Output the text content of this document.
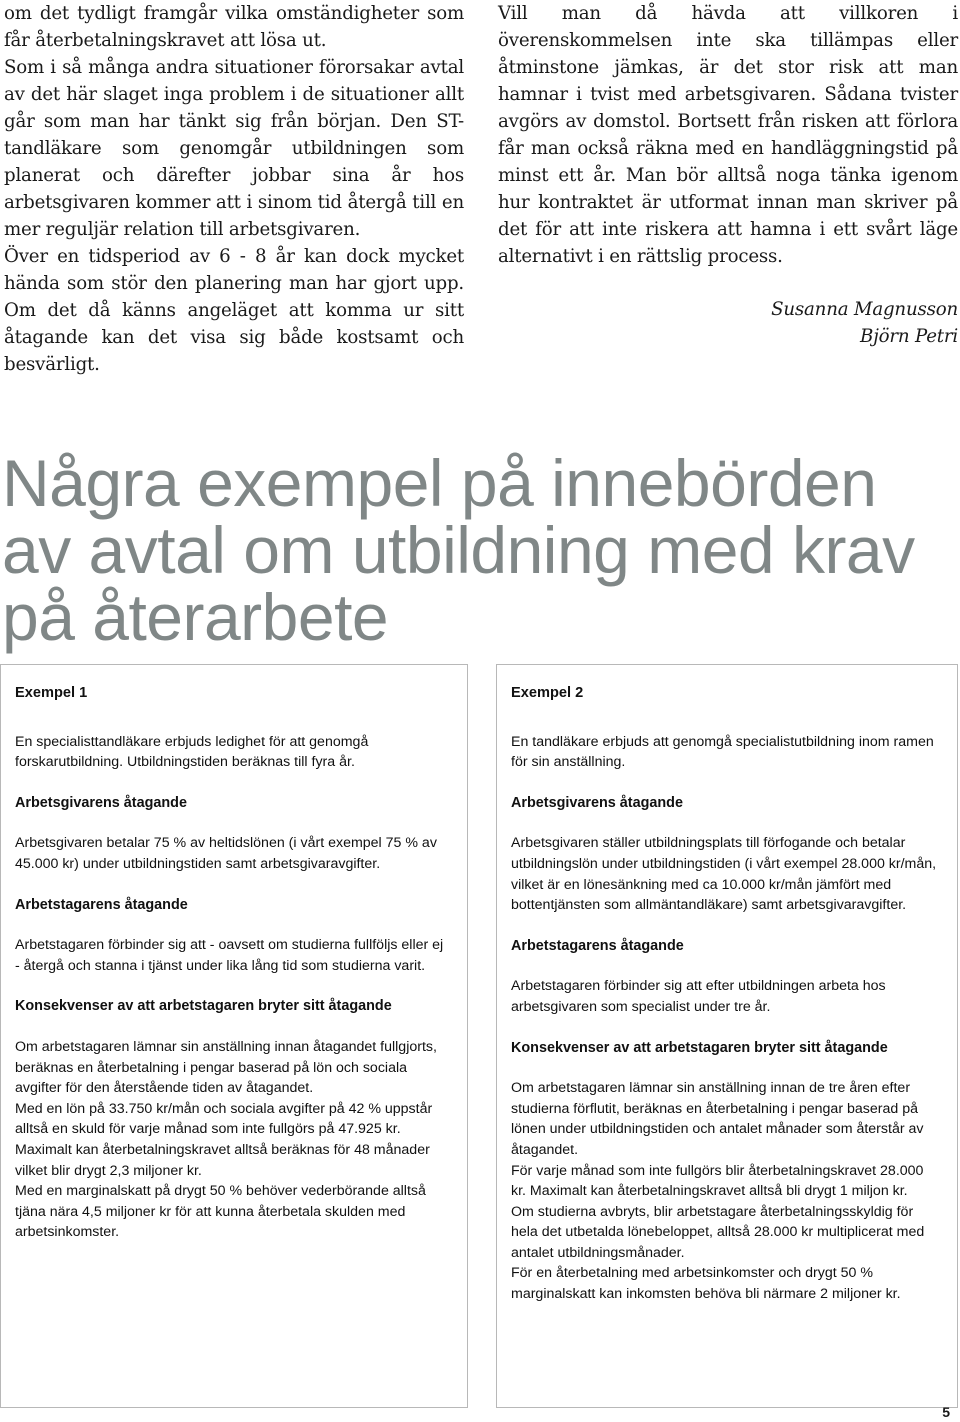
om det tydligt framgår vilka omständigheter som får återbetalningskravet att lösa ut.

Som i så många andra situationer förorsakar avtal av det här slaget inga problem i de situationer allt går som man har tänkt sig från början. Den ST-tandläkare som genomgår utbildningen som planerat och därefter jobbar sina år hos arbetsgivaren kommer att i sinom tid återgå till en mer reguljär relation till arbetsgivaren.

Över en tidsperiod av 6 - 8 år kan dock mycket hända som stör den planering man har gjort upp. Om det då känns angeläget att komma ur sitt åtagande kan det visa sig både kostsamt och besvärligt.

Vill man då hävda att villkoren i överenskommelsen inte ska tillämpas eller åtminstone jämkas, är det stor risk att man hamnar i tvist med arbetsgivaren. Sådana tvister avgörs av domstol. Bortsett från risken att förlora får man också räkna med en handläggningstid på minst ett år. Man bör alltså noga tänka igenom hur kontraktet är utformat innan man skriver på det för att inte riskera att hamna i ett svårt läge alternativt i en rättslig process.

Susanna Magnusson

Björn Petri

Några exempel på innebörden av avtal om utbildning med krav på återarbete

Exempel 1

En specialisttandläkare erbjuds ledighet för att genomgå forskarutbildning. Utbildningstiden beräknas till fyra år.

Arbetsgivarens åtagande

Arbetsgivaren betalar 75 % av heltidslönen (i vårt exempel 75 % av 45.000 kr) under utbildningstiden samt arbetsgivaravgifter.

Arbetstagarens åtagande

Arbetstagaren förbinder sig att - oavsett om studierna fullföljs eller ej - återgå och stanna i tjänst under lika lång tid som studierna varit.

Konsekvenser av att arbetstagaren bryter sitt åtagande

Om arbetstagaren lämnar sin anställning innan åtagandet fullgjorts, beräknas en återbetalning i pengar baserad på lön och sociala avgifter för den återstående tiden av åtagandet.
Med en lön på 33.750 kr/mån och sociala avgifter på 42 % uppstår alltså en skuld för varje månad som inte fullgörs på 47.925 kr. Maximalt kan återbetalningskravet alltså beräknas för 48 månader vilket blir drygt 2,3 miljoner kr.
Med en marginalskatt på drygt 50 % behöver vederbörande alltså tjäna nära 4,5 miljoner kr för att kunna återbetala skulden med arbetsinkomster.

Exempel 2

En tandläkare erbjuds att genomgå specialistutbildning inom ramen för sin anställning.

Arbetsgivarens åtagande

Arbetsgivaren ställer utbildningsplats till förfogande och betalar utbildningslön under utbildningstiden (i vårt exempel 28.000 kr/mån, vilket är en lönesänkning med ca 10.000 kr/mån jämfört med bottentjänsten som allmäntandläkare) samt arbetsgivaravgifter.

Arbetstagarens åtagande

Arbetstagaren förbinder sig att efter utbildningen arbeta hos arbetsgivaren som specialist under tre år.

Konsekvenser av att arbetstagaren bryter sitt åtagande

Om arbetstagaren lämnar sin anställning innan de tre åren efter studierna förflutit, beräknas en återbetalning i pengar baserad på lönen under utbildningstiden och antalet månader som återstår av åtagandet.
För varje månad som inte fullgörs blir återbetalningskravet 28.000 kr. Maximalt kan återbetalningskravet alltså bli drygt 1 miljon kr.
Om studierna avbryts, blir arbetstagare återbetalningsskyldig för hela det utbetalda lönebeloppet, alltså 28.000 kr multiplicerat med antalet utbildningsmånader.
För en återbetalning med arbetsinkomster och drygt 50 % marginalskatt kan inkomsten behöva bli närmare 2 miljoner kr.

5
